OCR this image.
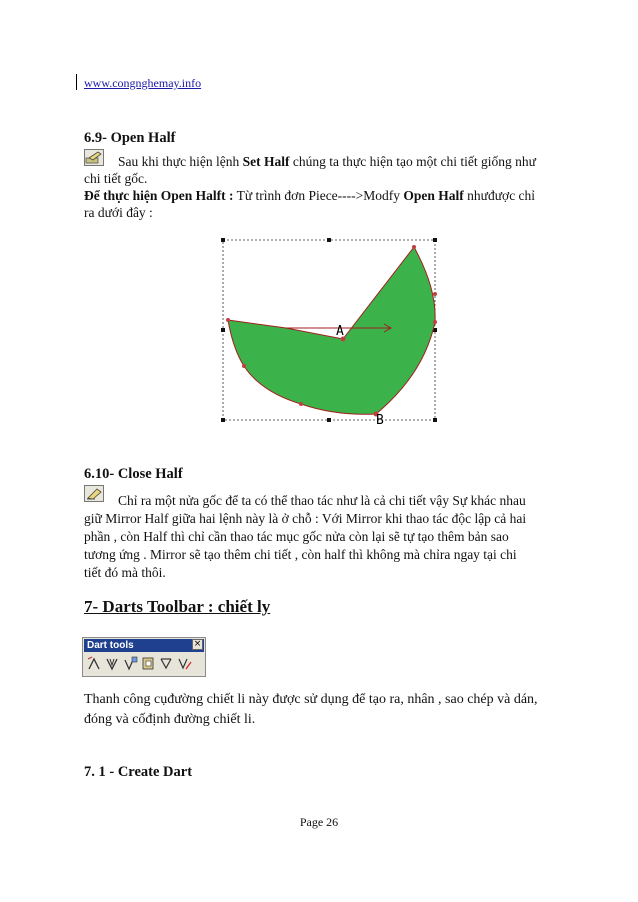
www.congnghemay.info
6.9- Open Half
Sau khi thực hiện lệnh Set Half chúng ta thực hiện tạo một chi tiết giống như
chi tiết gốc.
Để thực hiện Open Halft : Từ trình đơn Piece---->Modfy Open Half nhưđược chỉ
ra dưới đây :
A
B
6.10- Close Half
Chỉ ra một nửa gốc để ta có thể thao tác như là cả chi tiết vậy Sự khác nhau
giữ Mirror Half giữa hai lệnh này là ở chỗ : Với Mirror khi thao tác độc lập cả hai
phần , còn Half thì chỉ cần thao tác mục gốc nửa còn lại sẽ tự tạo thêm bản sao
tương ứng . Mirror sẽ tạo thêm chi tiết , còn half thì không mà chỉra ngay tại chi
tiết đó mà thôi.
7- Darts Toolbar : chiết ly
Dart tools	×
Thanh công cụđường chiết li này được sử dụng để tạo ra, nhân , sao chép và dán,
đóng và cốđịnh đường chiết li.
7. 1 - Create Dart
Page 26
